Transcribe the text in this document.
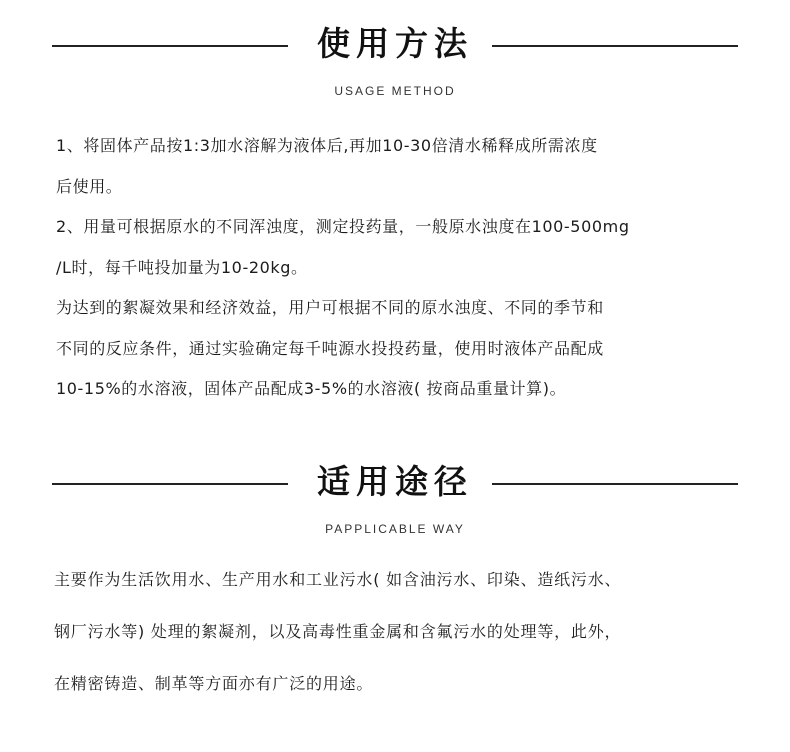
使用方法
USAGE METHOD

1、将固体产品按1:3加水溶解为液体后,再加10-30倍清水稀释成所需浓度

后使用。

2、用量可根据原水的不同浑浊度，测定投药量，一般原水浊度在100-500mg

/L时，每千吨投加量为10-20kg。

为达到的絮凝效果和经济效益，用户可根据不同的原水浊度、不同的季节和

不同的反应条件，通过实验确定每千吨源水投投药量，使用时液体产品配成

10-15%的水溶液，固体产品配成3-5%的水溶液( 按商品重量计算)。

适用途径
PAPPLICABLE WAY

主要作为生活饮用水、生产用水和工业污水( 如含油污水、印染、造纸污水、

钢厂污水等) 处理的絮凝剂，以及高毒性重金属和含氟污水的处理等，此外，

在精密铸造、制革等方面亦有广泛的用途。
